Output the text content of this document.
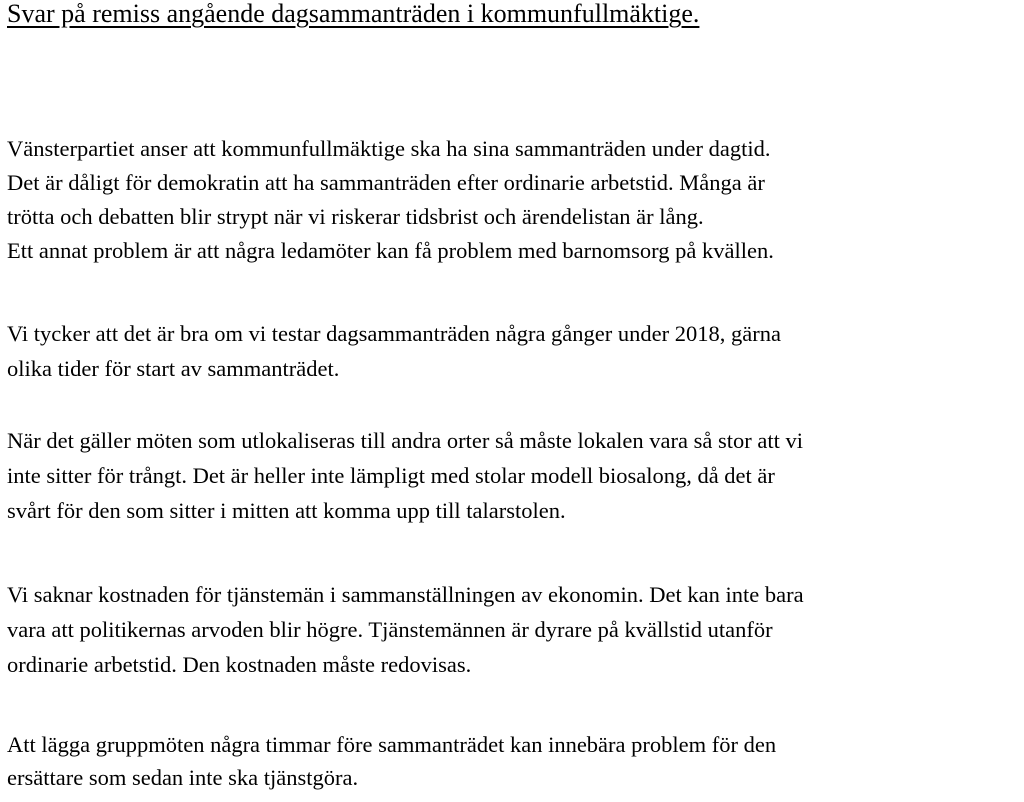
Svar på remiss angående dagsammanträden i kommunfullmäktige.

Vänsterpartiet anser att kommunfullmäktige ska ha sina sammanträden under dagtid.

Det är dåligt för demokratin att ha sammanträden efter ordinarie arbetstid. Många är

trötta och debatten blir strypt när vi riskerar tidsbrist och ärendelistan är lång.

Ett annat problem är att några ledamöter kan få problem med barnomsorg på kvällen.

Vi tycker att det är bra om vi testar dagsammanträden några gånger under 2018, gärna

olika tider för start av sammanträdet.

När det gäller möten som utlokaliseras till andra orter så måste lokalen vara så stor att vi

inte sitter för trångt. Det är heller inte lämpligt med stolar modell biosalong, då det är

svårt för den som sitter i mitten att komma upp till talarstolen.

Vi saknar kostnaden för tjänstemän i sammanställningen av ekonomin. Det kan inte bara

vara att politikernas arvoden blir högre. Tjänstemännen är dyrare på kvällstid utanför

ordinarie arbetstid. Den kostnaden måste redovisas.

Att lägga gruppmöten några timmar före sammanträdet kan innebära problem för den

ersättare som sedan inte ska tjänstgöra.
